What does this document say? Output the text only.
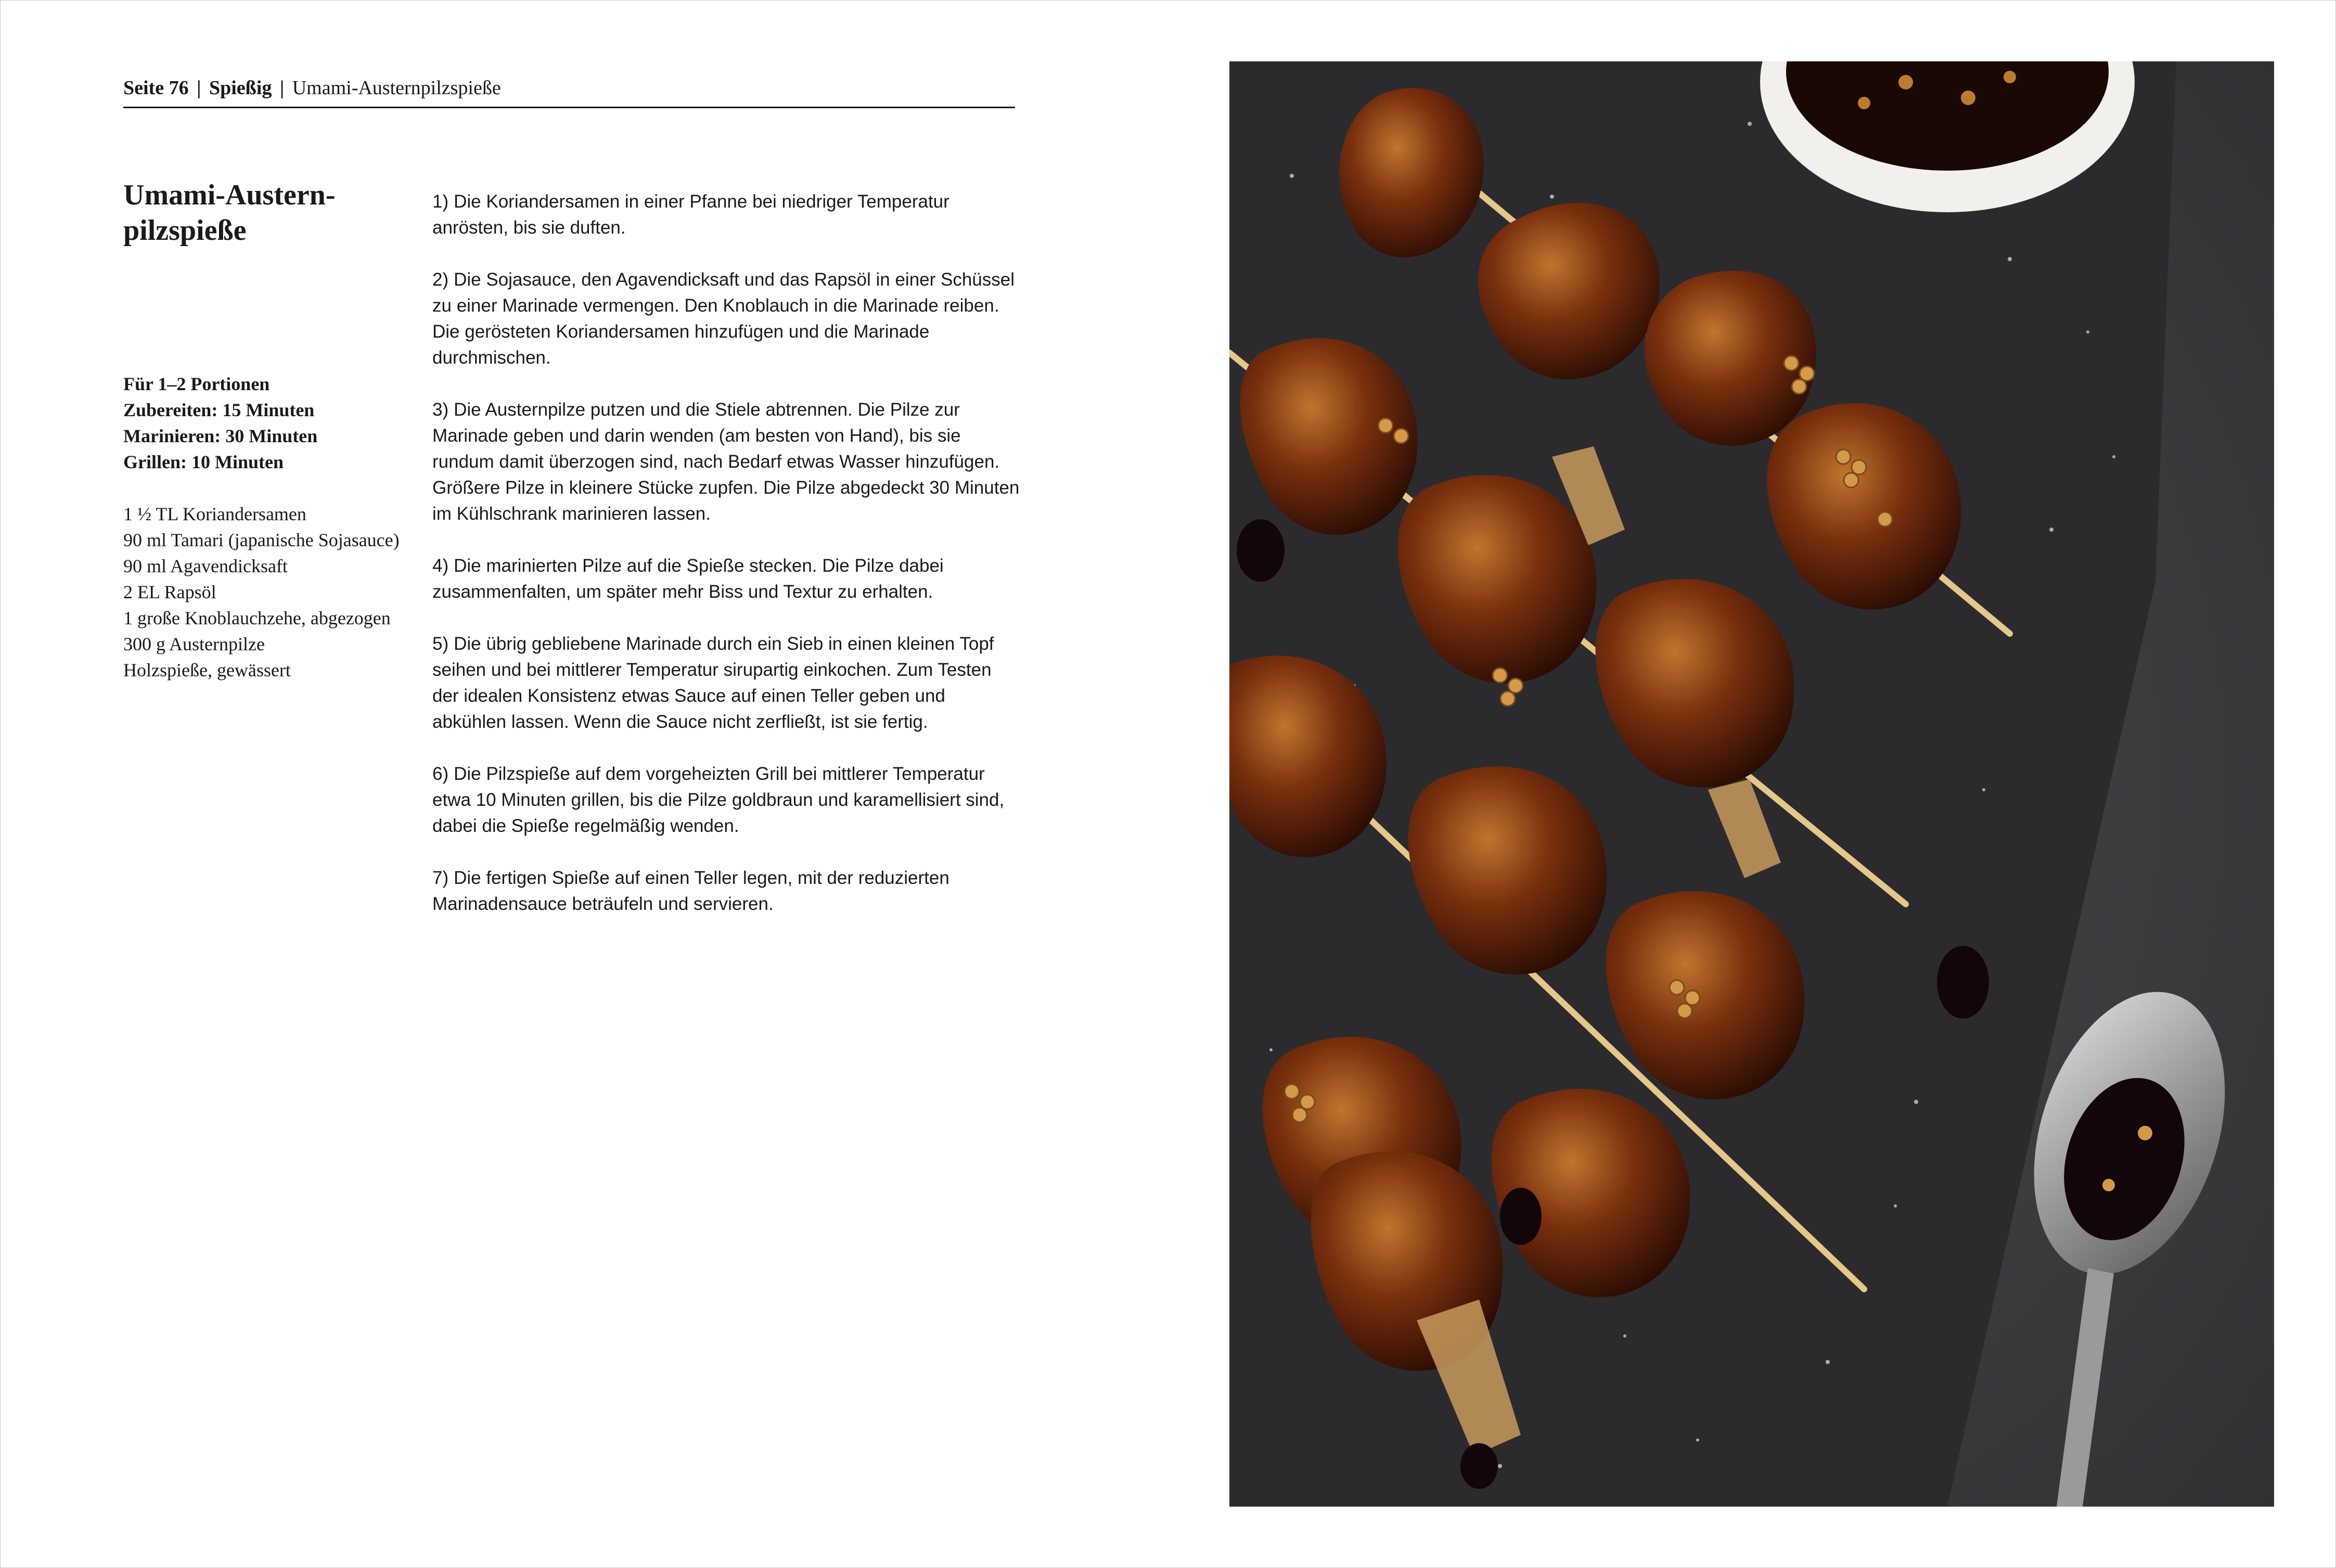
Seite 76 | Spießig | Umami-Austernpilzspieße
Umami-Austern-
pilzspieße
Für 1–2 Portionen
Zubereiten: 15 Minuten
Marinieren: 30 Minuten
Grillen: 10 Minuten
1 ½ TL Koriandersamen
90 ml Tamari (japanische Sojasauce)
90 ml Agavendicksaft
2 EL Rapsöl
1 große Knoblauchzehe, abgezogen
300 g Austernpilze
Holzspieße, gewässert
1) Die Koriandersamen in einer Pfanne bei niedriger Temperatur anrösten, bis sie duften.
2) Die Sojasauce, den Agavendicksaft und das Rapsöl in einer Schüssel zu einer Marinade vermengen. Den Knoblauch in die Marinade reiben. Die gerösteten Koriandersamen hinzufügen und die Marinade durchmischen.
3) Die Austernpilze putzen und die Stiele abtrennen. Die Pilze zur Marinade geben und darin wenden (am besten von Hand), bis sie rundum damit überzogen sind, nach Bedarf etwas Wasser hinzufügen. Größere Pilze in kleinere Stücke zupfen. Die Pilze abgedeckt 30 Minuten im Kühlschrank marinieren lassen.
4) Die marinierten Pilze auf die Spieße stecken. Die Pilze dabei zusammenfalten, um später mehr Biss und Textur zu erhalten.
5) Die übrig gebliebene Marinade durch ein Sieb in einen kleinen Topf seihen und bei mittlerer Temperatur sirupartig einkochen. Zum Testen der idealen Konsistenz etwas Sauce auf einen Teller geben und abkühlen lassen. Wenn die Sauce nicht zerfließt, ist sie fertig.
6) Die Pilzspieße auf dem vorgeheizten Grill bei mittlerer Temperatur etwa 10 Minuten grillen, bis die Pilze goldbraun und karamellisiert sind, dabei die Spieße regelmäßig wenden.
7) Die fertigen Spieße auf einen Teller legen, mit der reduzierten Marinadensauce beträufeln und servieren.
